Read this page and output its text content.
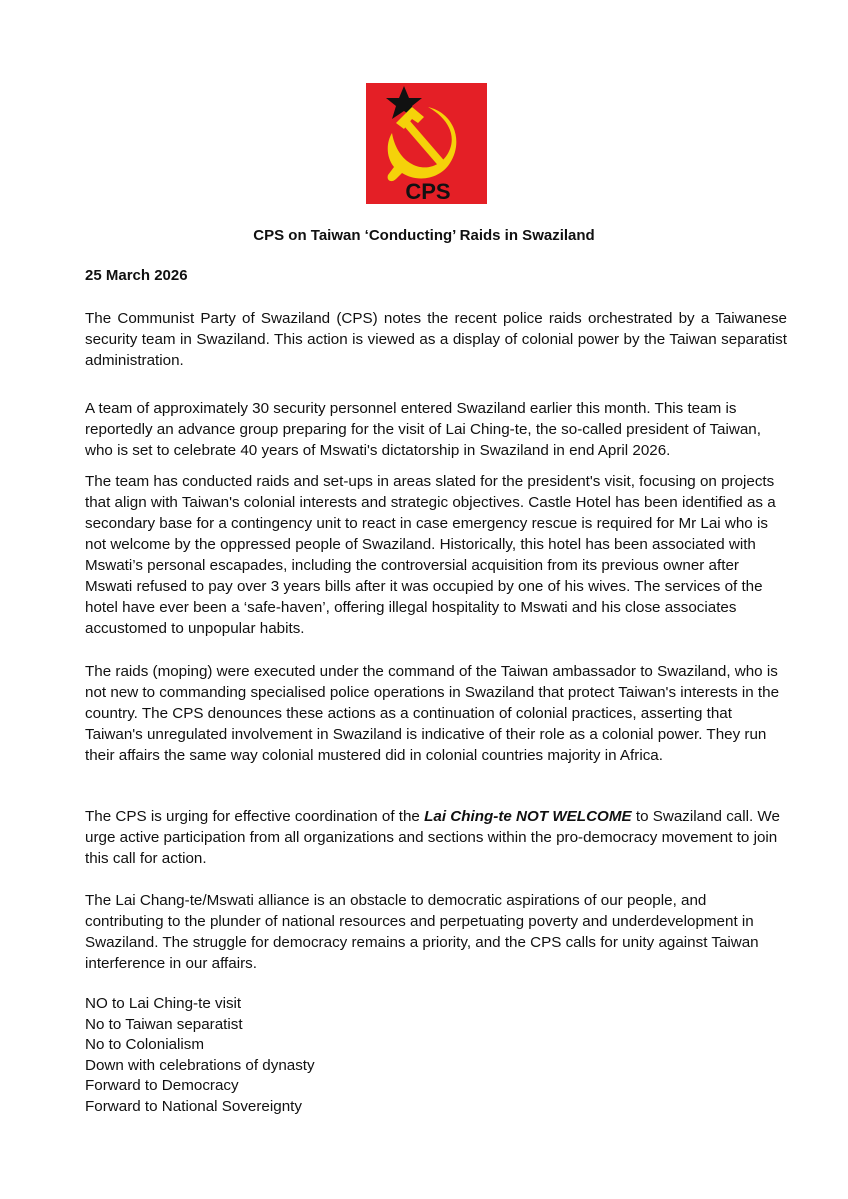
CPS
CPS on Taiwan ‘Conducting’ Raids in Swaziland
25 March 2026

The Communist Party of Swaziland (CPS) notes the recent police raids orchestrated by a Taiwanese security team in Swaziland. This action is viewed as a display of colonial power by the Taiwan separatist administration.

A team of approximately 30 security personnel entered Swaziland earlier this month. This team is reportedly an advance group preparing for the visit of Lai Ching-te, the so-called president of Taiwan, who is set to celebrate 40 years of Mswati's dictatorship in Swaziland in end April 2026.

The team has conducted raids and set-ups in areas slated for the president's visit, focusing on projects that align with Taiwan's colonial interests and strategic objectives. Castle Hotel has been identified as a secondary base for a contingency unit to react in case emergency rescue is required for Mr Lai who is not welcome by the oppressed people of Swaziland. Historically, this hotel has been associated with Mswati’s personal escapades, including the controversial acquisition from its previous owner after Mswati refused to pay over 3 years bills after it was occupied by one of his wives. The services of the hotel have ever been a ‘safe-haven’, offering illegal hospitality to Mswati and his close associates accustomed to unpopular habits.

The raids (moping) were executed under the command of the Taiwan ambassador to Swaziland, who is not new to commanding specialised police operations in Swaziland that protect Taiwan's interests in the country. The CPS denounces these actions as a continuation of colonial practices, asserting that Taiwan's unregulated involvement in Swaziland is indicative of their role as a colonial power. They run their affairs the same way colonial mustered did in colonial countries majority in Africa.

The CPS is urging for effective coordination of the Lai Ching-te NOT WELCOME to Swaziland call. We urge active participation from all organizations and sections within the pro-democracy movement to join this call for action.

The Lai Chang-te/Mswati alliance is an obstacle to democratic aspirations of our people, and contributing to the plunder of national resources and perpetuating poverty and underdevelopment in Swaziland. The struggle for democracy remains a priority, and the CPS calls for unity against Taiwan interference in our affairs.

NO to Lai Ching-te visit
No to Taiwan separatist
No to Colonialism
Down with celebrations of dynasty
Forward to Democracy
Forward to National Sovereignty
